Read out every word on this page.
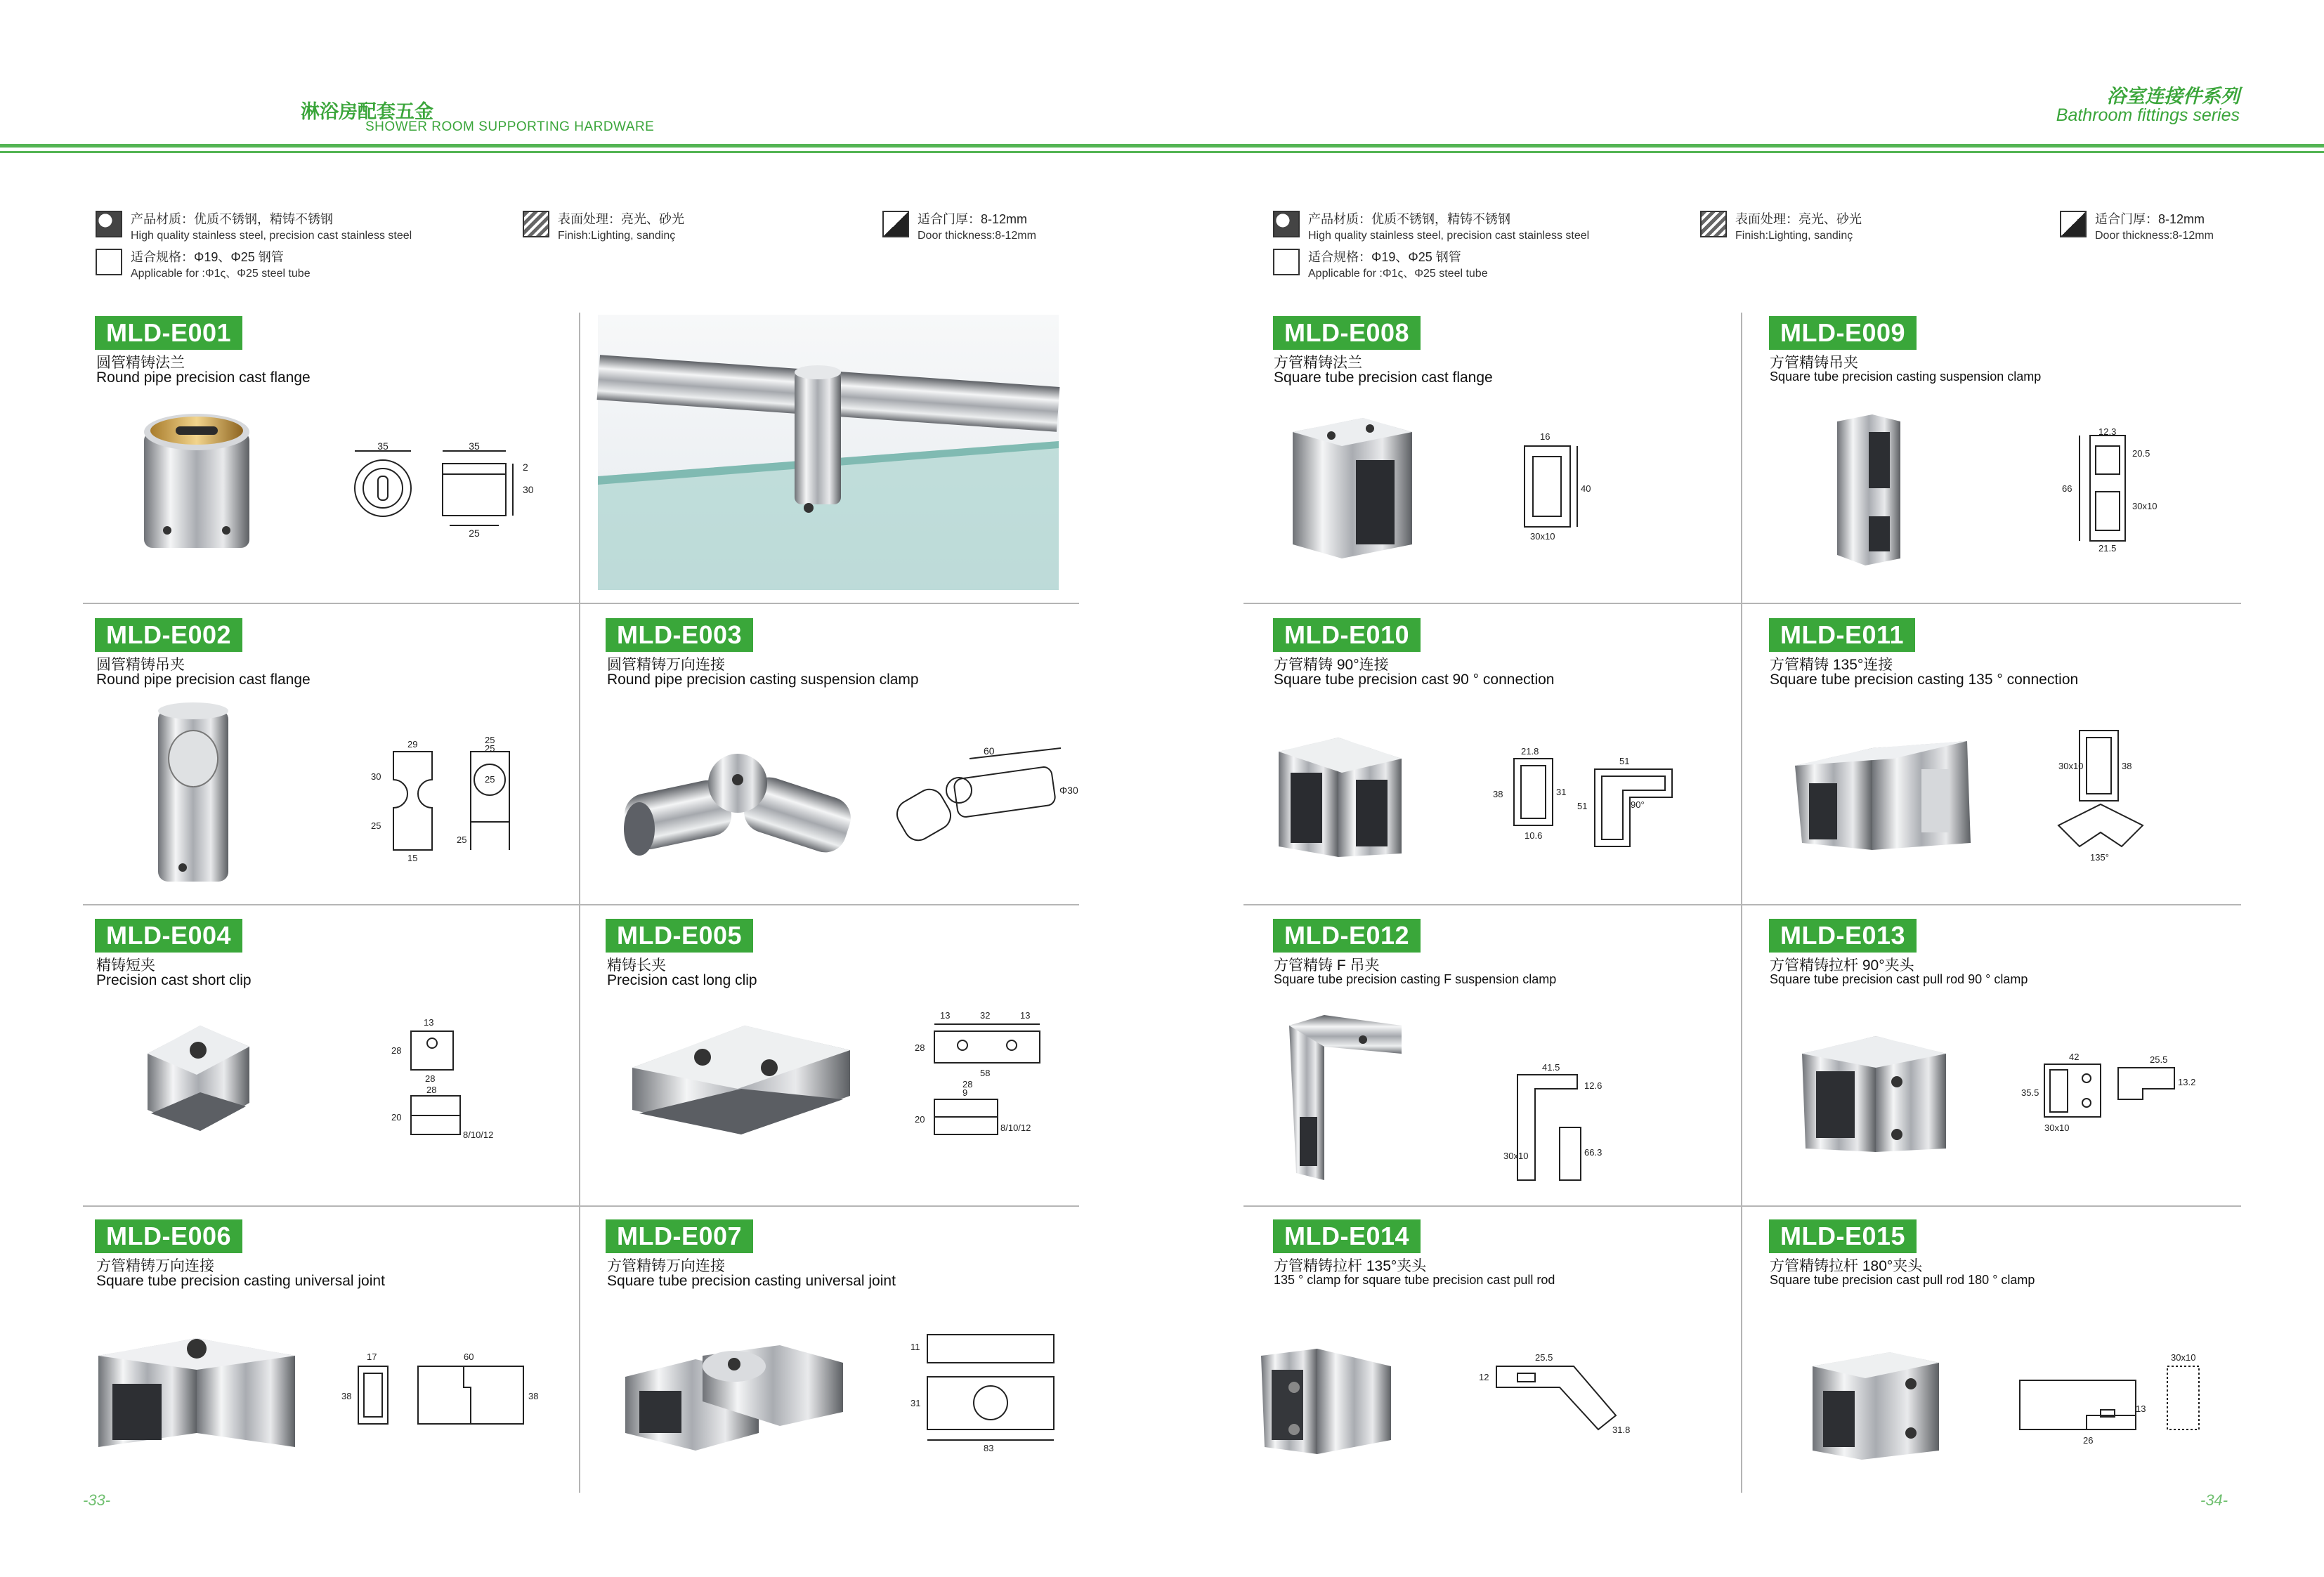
淋浴房配套五金
SHOWER ROOM SUPPORTING HARDWARE
浴室连接件系列
Bathroom fittings series
产品材质：优质不锈钢，精铸不锈钢
High quality stainless steel, precision cast stainless steel
适合规格：Φ19、Φ25 钢管
Applicable for :Φ1ς、Φ25 steel tube
表面处理：亮光、砂光
Finish:Lighting, sandinç
适合门厚：8-12mm
Door thickness:8-12mm
产品材质：优质不锈钢，精铸不锈钢
High quality stainless steel, precision cast stainless steel
适合规格：Φ19、Φ25 钢管
Applicable for :Φ1ς、Φ25 steel tube
表面处理：亮光、砂光
Finish:Lighting, sandinç
适合门厚：8-12mm
Door thickness:8-12mm
MLD-E001
圆管精铸法兰
Round pipe precision cast flange
35	35
30
25
2
MLD-E002
圆管精铸吊夹
Round pipe precision cast flange
29	25
25
30
25
15
25
25
MLD-E003
圆管精铸万向连接
Round pipe precision casting suspension clamp
60
Φ30
MLD-E004
精铸短夹
Precision cast short clip
13
28
28
28
20
8/10/12
MLD-E005
精铸长夹
Precision cast long clip
13	32	13
28
58
28
9
20
8/10/12
MLD-E006
方管精铸万向连接
Square tube precision casting universal joint
17	60
38	38
MLD-E007
方管精铸万向连接
Square tube precision casting universal joint
11
31
83
MLD-E008
方管精铸法兰
Square tube precision cast flange
16
40
30x10
MLD-E009
方管精铸吊夹
Square tube precision casting suspension clamp
12.3
20.5
66
30x10
21.5
MLD-E010
方管精铸 90°连接
Square tube precision cast 90 ° connection
21.8
38	31
10.6
51
51	90°
MLD-E011
方管精铸 135°连接
Square tube precision casting 135 ° connection
30x10	38
135°
MLD-E012
方管精铸 F 吊夹
Square tube precision casting F suspension clamp
41.5
12.6
30x10	66.3
MLD-E013
方管精铸拉杆 90°夹头
Square tube precision cast pull rod 90 ° clamp
42
35.5
30x10
25.5
13.2
MLD-E014
方管精铸拉杆 135°夹头
135 ° clamp for square tube precision cast pull rod
25.5
12
31.8
MLD-E015
方管精铸拉杆 180°夹头
Square tube precision cast pull rod 180 ° clamp
30x10
13
26
-33-	-34-
